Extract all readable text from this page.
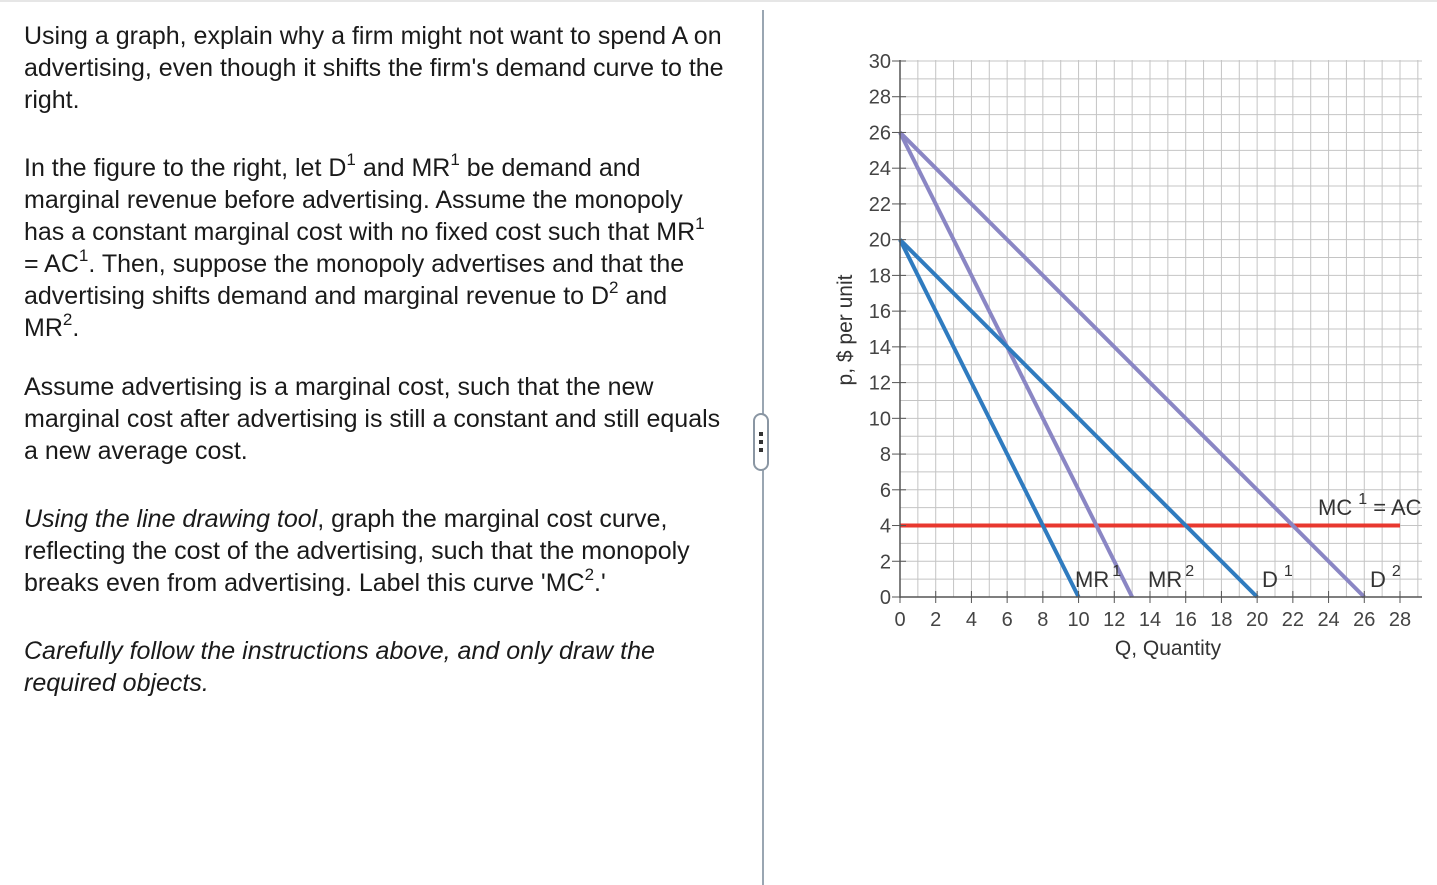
Using a graph, explain why a firm might not want to spend A on advertising, even though it shifts the firm's demand curve to the right.

In the figure to the right, let $D^1$ and $MR^1$ be demand and marginal revenue before advertising. Assume the monopoly has a constant marginal cost with no fixed cost such that $MR^1 = AC^1$. Then, suppose the monopoly advertises and that the advertising shifts demand and marginal revenue to $D^2$ and $MR^2$.

Assume advertising is a marginal cost, such that the new marginal cost after advertising is still a constant and still equals a new average cost.

Using the line drawing tool, graph the marginal cost curve, reflecting the cost of the advertising, such that the monopoly breaks even from advertising. Label this curve '$MC^2$.'

Carefully follow the instructions above, and only draw the required objects.

0 2 4 6 8 10 12 14 16 18 20 22 24 26 28
0
2
4
6
8
10
12
14
16
18
20
22
24
26
28
30
MR $^1$ MR $^2$	D $^1$	D $^2$
MC $^1$ = AC
Q, Quantity
p, $ per unit
